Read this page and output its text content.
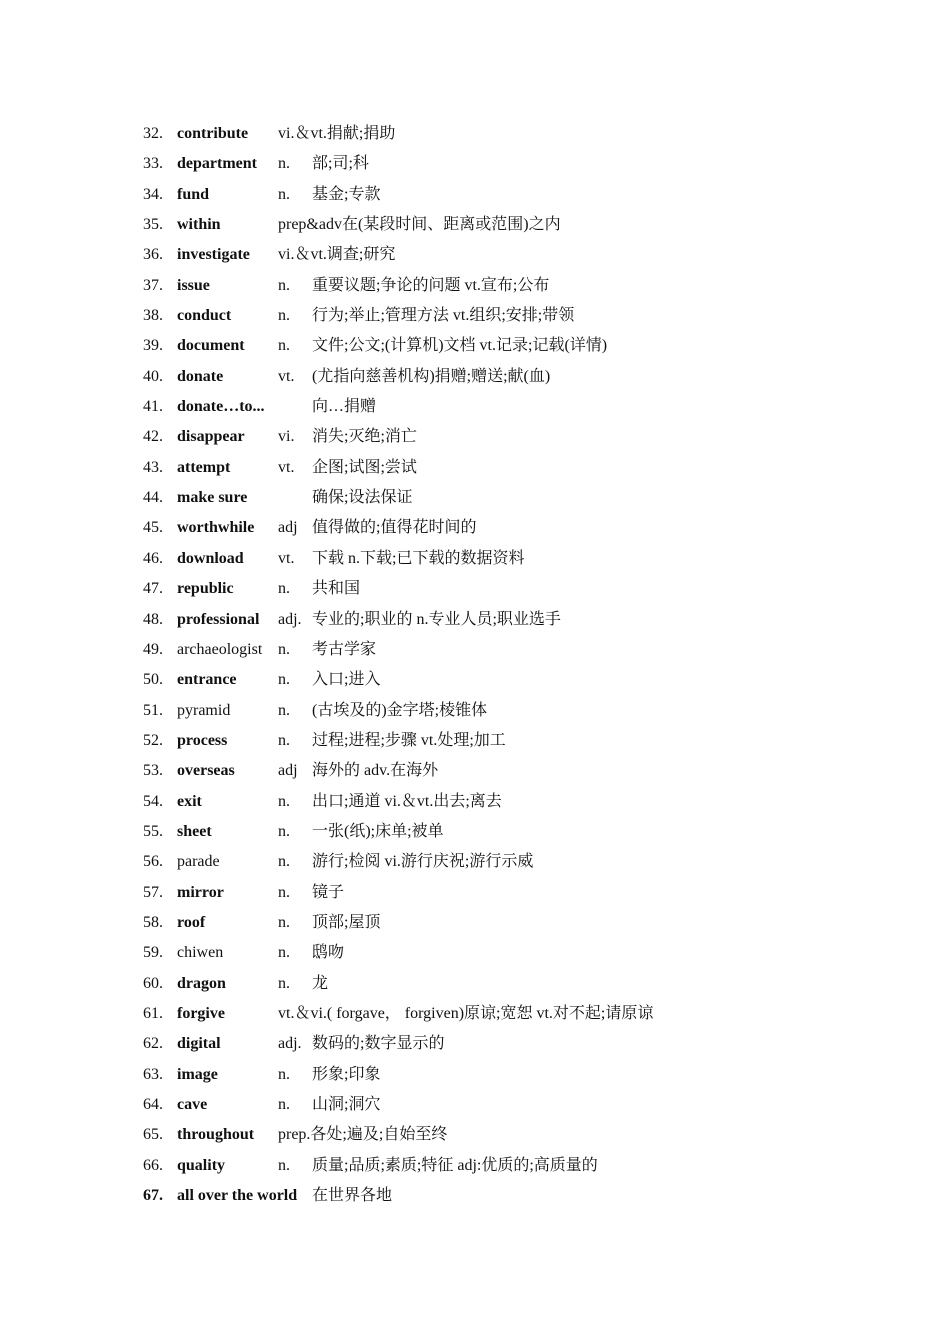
32. contribute vi.＆vt.捐献;捐助
33. department n. 部;司;科
34. fund	n. 基金;专款
35. within	prep&adv在(某段时间、距离或范围)之内
36. investigate vi.＆vt.调查;研究
37. issue	n. 重要议题;争论的问题 vt.宣布;公布
38. conduct	n. 行为;举止;管理方法 vt.组织;安排;带领
39. document n. 文件;公文;(计算机)文档 vt.记录;记载(详情)
40. donate	vt. (尤指向慈善机构)捐赠;赠送;献(血)
41. donate…to...	向…捐赠
42. disappear vi. 消失;灭绝;消亡
43. attempt	vt. 企图;试图;尝试
44. make sure	确保;设法保证
45. worthwhile adj 值得做的;值得花时间的
46. download vt. 下载 n.下载;已下载的数据资料
47. republic	n. 共和国
48. professional adj. 专业的;职业的 n.专业人员;职业选手
49. archaeologist n. 考古学家
50. entrance	n. 入口;进入
51. pyramid	n. (古埃及的)金字塔;棱锥体
52. process	n. 过程;进程;步骤 vt.处理;加工
53. overseas	adj 海外的 adv.在海外
54. exit	n. 出口;通道 vi.＆vt.出去;离去
55. sheet	n. 一张(纸);床单;被单
56. parade	n. 游行;检阅 vi.游行庆祝;游行示威
57. mirror	n. 镜子
58. roof	n. 顶部;屋顶
59. chiwen	n. 鸱吻
60. dragon	n. 龙
61. forgive	vt.＆vi.( forgave， forgiven)原谅;宽恕 vt.对不起;请原谅
62. digital	adj. 数码的;数字显示的
63. image	n. 形象;印象
64. cave	n. 山洞;洞穴
65. throughout prep.各处;遍及;自始至终
66. quality	n. 质量;品质;素质;特征 adj:优质的;高质量的
67. all over the world 在世界各地
